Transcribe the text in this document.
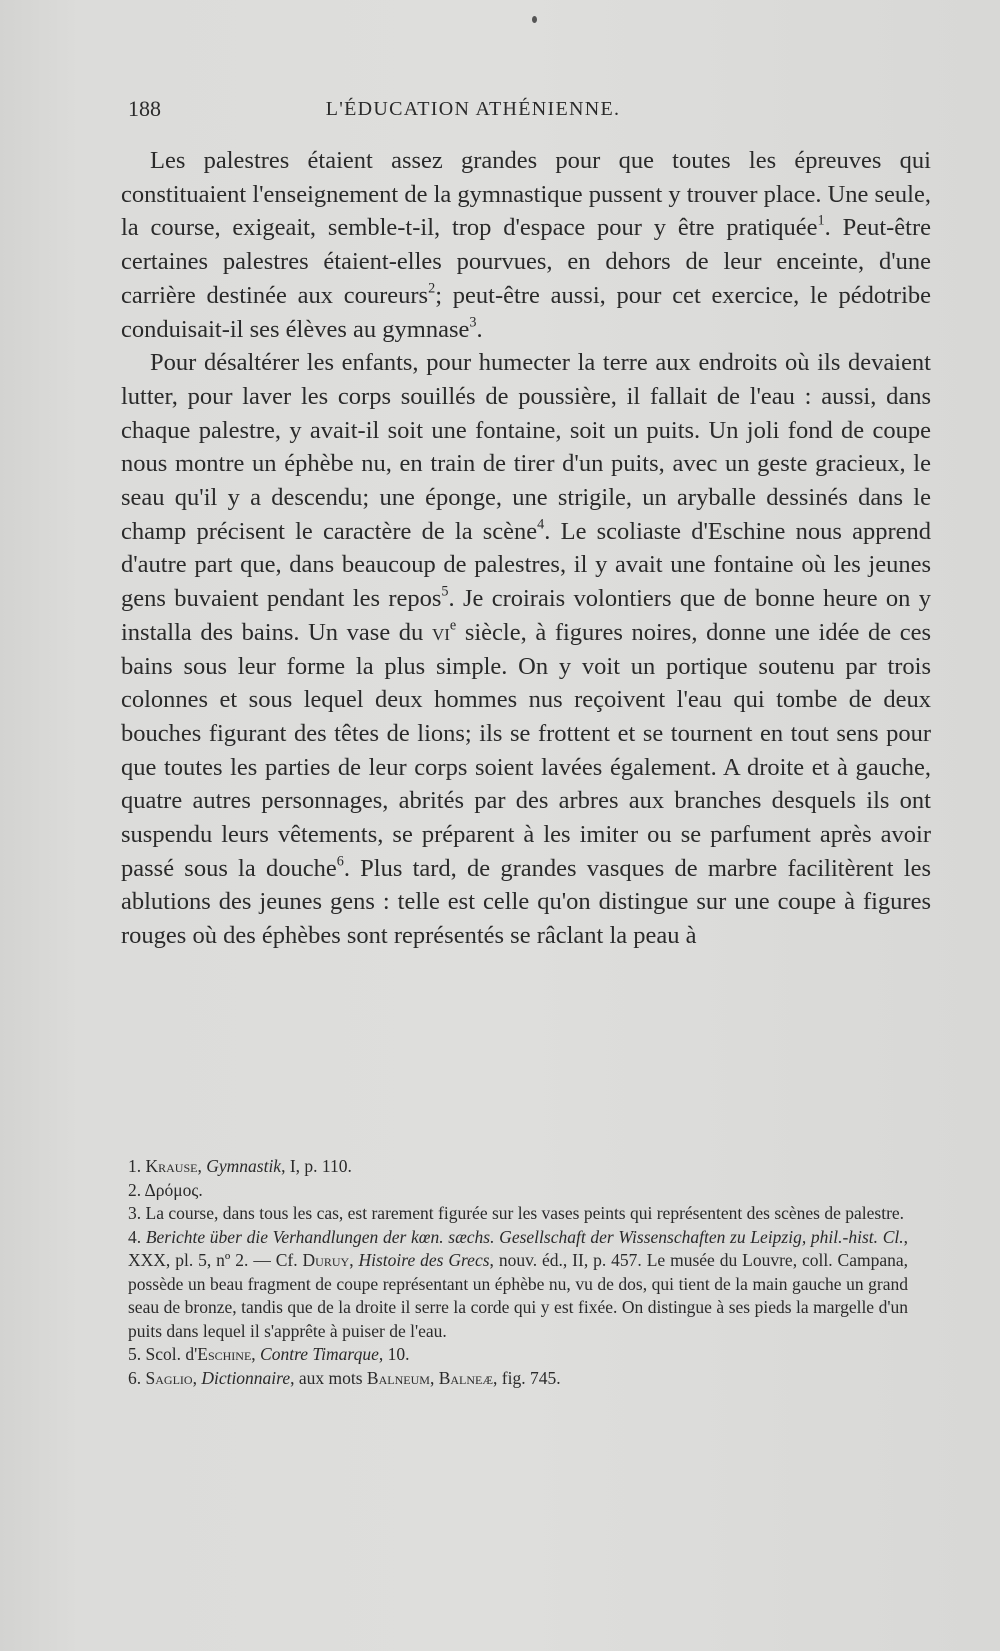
188	L'ÉDUCATION ATHÉNIENNE.

Les palestres étaient assez grandes pour que toutes les épreuves qui constituaient l'enseignement de la gymnastique pussent y trouver place. Une seule, la course, exigeait, semble-t-il, trop d'espace pour y être pratiquée$^1$. Peut-être certaines palestres étaient-elles pourvues, en dehors de leur enceinte, d'une carrière destinée aux coureurs$^2$; peut-être aussi, pour cet exercice, le pédotribe conduisait-il ses élèves au gymnase$^3$.

Pour désaltérer les enfants, pour humecter la terre aux endroits où ils devaient lutter, pour laver les corps souillés de poussière, il fallait de l'eau : aussi, dans chaque palestre, y avait-il soit une fontaine, soit un puits. Un joli fond de coupe nous montre un éphèbe nu, en train de tirer d'un puits, avec un geste gracieux, le seau qu'il y a descendu; une éponge, une strigile, un aryballe dessinés dans le champ précisent le caractère de la scène$^4$. Le scoliaste d'Eschine nous apprend d'autre part que, dans beaucoup de palestres, il y avait une fontaine où les jeunes gens buvaient pendant les repos$^5$. Je croirais volontiers que de bonne heure on y installa des bains. Un vase du $vi^e$ siècle, à figures noires, donne une idée de ces bains sous leur forme la plus simple. On y voit un portique soutenu par trois colonnes et sous lequel deux hommes nus reçoivent l'eau qui tombe de deux bouches figurant des têtes de lions; ils se frottent et se tournent en tout sens pour que toutes les parties de leur corps soient lavées également. A droite et à gauche, quatre autres personnages, abrités par des arbres aux branches desquels ils ont suspendu leurs vêtements, se préparent à les imiter ou se parfument après avoir passé sous la douche$^6$. Plus tard, de grandes vasques de marbre facilitèrent les ablutions des jeunes gens : telle est celle qu'on distingue sur une coupe à figures rouges où des éphèbes sont représentés se râclant la peau à

1. Krause, Gymnastik, I, p. 110.

2. Δρόμος.

3. La course, dans tous les cas, est rarement figurée sur les vases peints qui représentent des scènes de palestre.

4. Berichte über die Verhandlungen der kœn. sæchs. Gesellschaft der Wissenschaften zu Leipzig, phil.-hist. Cl., XXX, pl. 5, nº 2. — Cf. Duruy, Histoire des Grecs, nouv. éd., II, p. 457. Le musée du Louvre, coll. Campana, possède un beau fragment de coupe représentant un éphèbe nu, vu de dos, qui tient de la main gauche un grand seau de bronze, tandis que de la droite il serre la corde qui y est fixée. On distingue à ses pieds la margelle d'un puits dans lequel il s'apprête à puiser de l'eau.

5. Scol. d'Eschine, Contre Timarque, 10.

6. Saglio, Dictionnaire, aux mots Balneum, Balneæ, fig. 745.
